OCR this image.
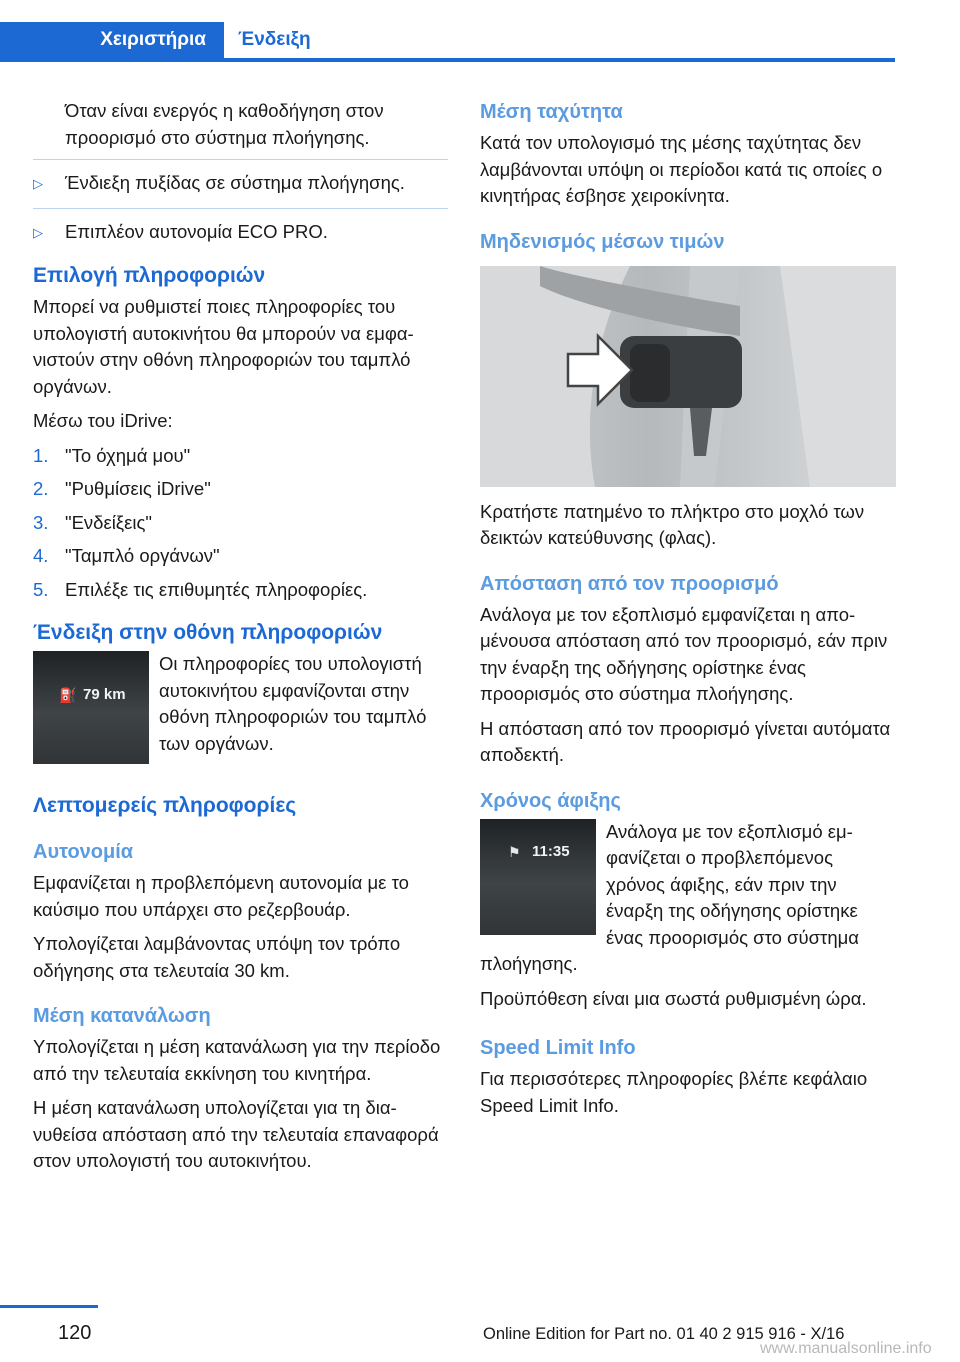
Χειριστήρια	Ένδειξη

Όταν είναι ενεργός η καθοδήγηση στον προορισμό στο σύστημα πλοήγησης.

▷	Ένδιεξη πυξίδας σε σύστημα πλοήγησης.
▷	Επιπλέον αυτονομία ECO PRO.
Επιλογή πληροφοριών

Μπορεί να ρυθμιστεί ποιες πληροφορίες του υπολογιστή αυτοκινήτου θα μπορούν να εμφανιστούν στην οθόνη πληροφοριών του ταμπλό οργάνων.

Μέσω του iDrive:

1. "Το όχημά μου"
2. "Ρυθμίσεις iDrive"
3. "Ενδείξεις"
4. "Ταμπλό οργάνων"
5. Επιλέξε τις επιθυμητές πληροφορίες.
Ένδειξη στην οθόνη πληροφοριών
⛽ 79 km

Οι πληροφορίες του υπολογιστή αυτοκινήτου εμφανίζονται στην οθόνη πληροφοριών του ταμπλό των οργάνων.

Λεπτομερείς πληροφορίες
Αυτονομία

Εμφανίζεται η προβλεπόμενη αυτονομία με το καύσιμο που υπάρχει στο ρεζερβουάρ.

Υπολογίζεται λαμβάνοντας υπόψη τον τρόπο οδήγησης στα τελευταία 30 km.

Μέση κατανάλωση

Υπολογίζεται η μέση κατανάλωση για την περίοδο από την τελευταία εκκίνηση του κινητήρα.

Η μέση κατανάλωση υπολογίζεται για τη διανυθείσα απόσταση από την τελευταία επαναφορά στον υπολογιστή του αυτοκινήτου.

Μέση ταχύτητα

Κατά τον υπολογισμό της μέσης ταχύτητας δεν λαμβάνονται υπόψη οι περίοδοι κατά τις οποίες ο κινητήρας έσβησε χειροκίνητα.

Μηδενισμός μέσων τιμών

Κρατήστε πατημένο το πλήκτρο στο μοχλό των δεικτών κατεύθυνσης (φλας).

Απόσταση από τον προορισμό

Ανάλογα με τον εξοπλισμό εμφανίζεται η απομένουσα απόσταση από τον προορισμό, εάν πριν την έναρξη της οδήγησης ορίστηκε ένας προορισμός στο σύστημα πλοήγησης.

Η απόσταση από τον προορισμό γίνεται αυτόματα αποδεκτή.

Χρόνος άφιξης
⚑ 11:35

Ανάλογα με τον εξοπλισμό εμφανίζεται ο προβλεπόμενος χρόνος άφιξης, εάν πριν την έναρξη της οδήγησης ορίστηκε ένας προορισμός στο σύστημα

πλοήγησης.

Προϋπόθεση είναι μια σωστά ρυθμισμένη ώρα.

Speed Limit Info

Για περισσότερες πληροφορίες βλέπε κεφάλαιο Speed Limit Info.

120	Online Edition for Part no. 01 40 2 915 916 - X/16
www.manualsonline.info
